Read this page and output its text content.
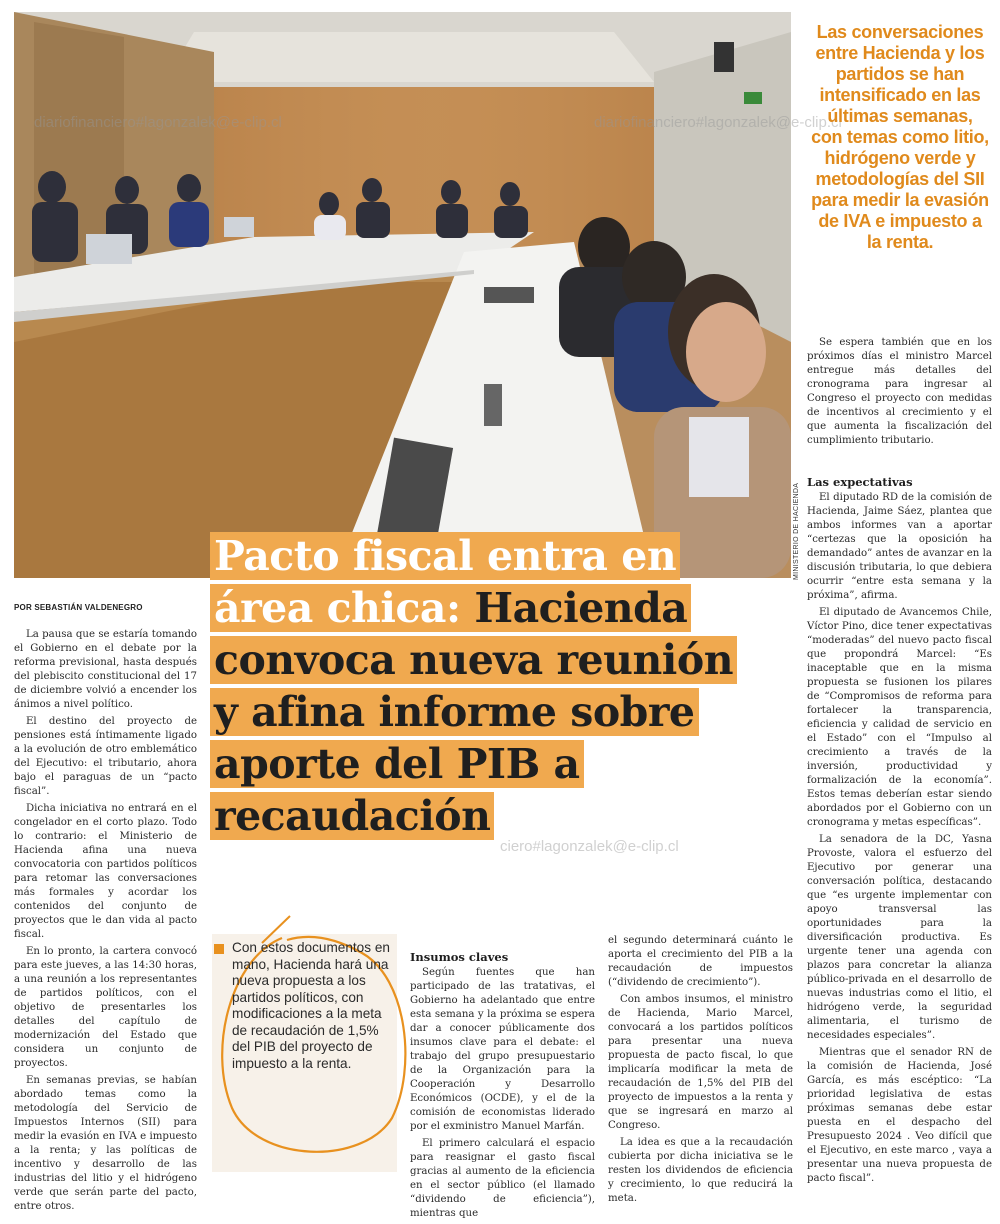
diariofinanciero#lagonzalek@e-clip.cl	diariofinanciero#lagonzalek@e-clip.cl
MINISTERIO DE HACIENDA
Las conversaciones entre Hacienda y los partidos se han intensificado en las últimas semanas, con temas como litio, hidrógeno verde y metodologías del SII para medir la evasión de IVA e impuesto a la renta.
Pacto fiscal entra en
área chica: Hacienda
convoca nueva reunión
y afina informe sobre
aporte del PIB a
recaudación
ciero#lagonzalek@e-clip.cl
POR SEBASTIÁN VALDENEGRO

La pausa que se estaría tomando el Gobierno en el debate por la reforma previsional, hasta después del plebiscito constitucional del 17 de diciembre volvió a encender los ánimos a nivel político.

El destino del proyecto de pensiones está íntimamente ligado a la evolución de otro emblemático del Ejecutivo: el tributario, ahora bajo el paraguas de un “pacto fiscal”.

Dicha iniciativa no entrará en el congelador en el corto plazo. Todo lo contrario: el Ministerio de Hacienda afina una nueva convocatoria con partidos políticos para retomar las conversaciones más formales y acordar los contenidos del conjunto de proyectos que le dan vida al pacto fiscal.

En lo pronto, la cartera convocó para este jueves, a las 14:30 horas, a una reunión a los representantes de partidos políticos, con el objetivo de presentarles los detalles del capítulo de modernización del Estado que considera un conjunto de proyectos.

En semanas previas, se habían abordado temas como la metodología del Servicio de Impuestos Internos (SII) para medir la evasión en IVA e impuesto a la renta; y las políticas de incentivo y desarrollo de las industrias del litio y el hidrógeno verde que serán parte del pacto, entre otros.

Con estos documentos en mano, Hacienda hará una nueva propuesta a los partidos políticos, con modificaciones a la meta de recaudación de 1,5% del PIB del proyecto de impuesto a la renta.
Insumos claves

Según fuentes que han participado de las tratativas, el Gobierno ha adelantado que entre esta semana y la próxima se espera dar a conocer públicamente dos insumos clave para el debate: el trabajo del grupo presupuestario de la Organización para la Cooperación y Desarrollo Económicos (OCDE), y el de la comisión de economistas liderado por el exministro Manuel Marfán.

El primero calculará el espacio para reasignar el gasto fiscal gracias al aumento de la eficiencia en el sector público (el llamado “dividendo de eficiencia”), mientras que

el segundo determinará cuánto le aporta el crecimiento del PIB a la recaudación de impuestos (“dividendo de crecimiento”).

Con ambos insumos, el ministro de Hacienda, Mario Marcel, convocará a los partidos políticos para presentar una nueva propuesta de pacto fiscal, lo que implicaría modificar la meta de recaudación de 1,5% del PIB del proyecto de impuestos a la renta y que se ingresará en marzo al Congreso.

La idea es que a la recaudación cubierta por dicha iniciativa se le resten los dividendos de eficiencia y crecimiento, lo que reducirá la meta.

Se espera también que en los próximos días el ministro Marcel entregue más detalles del cronograma para ingresar al Congreso el proyecto con medidas de incentivos al crecimiento y el que aumenta la fiscalización del cumplimiento tributario.

Las expectativas

El diputado RD de la comisión de Hacienda, Jaime Sáez, plantea que ambos informes van a aportar “certezas que la oposición ha demandado” antes de avanzar en la discusión tributaria, lo que debiera ocurrir “entre esta semana y la próxima”, afirma.

El diputado de Avancemos Chile, Víctor Pino, dice tener expectativas “moderadas” del nuevo pacto fiscal que propondrá Marcel: “Es inaceptable que en la misma propuesta se fusionen los pilares de “Compromisos de reforma para fortalecer la transparencia, eficiencia y calidad de servicio en el Estado” con el “Impulso al crecimiento a través de la inversión, productividad y formalización de la economía”. Estos temas deberían estar siendo abordados por el Gobierno con un cronograma y metas específicas”.

La senadora de la DC, Yasna Provoste, valora el esfuerzo del Ejecutivo por generar una conversación política, destacando que “es urgente implementar con apoyo transversal las oportunidades para la diversificación productiva. Es urgente tener una agenda con plazos para concretar la alianza público-privada en el desarrollo de nuevas industrias como el litio, el hidrógeno verde, la seguridad alimentaria, el turismo de necesidades especiales”.

Mientras que el senador RN de la comisión de Hacienda, José García, es más escéptico: “La prioridad legislativa de estas próximas semanas debe estar puesta en el despacho del Presupuesto 2024 . Veo difícil que el Ejecutivo, en este marco , vaya a presentar una nueva propuesta de pacto fiscal”.
